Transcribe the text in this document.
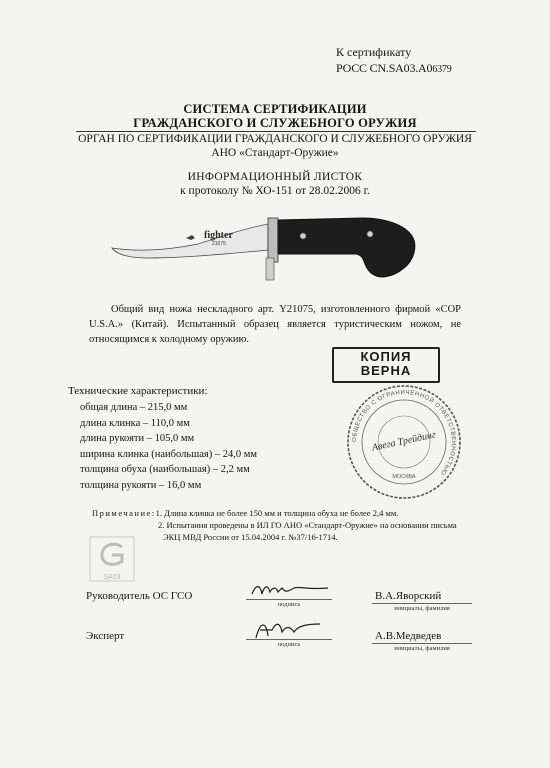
К сертификату
РОСС CN.SA03.A06379
СИСТЕМА СЕРТИФИКАЦИИ
ГРАЖДАНСКОГО И СЛУЖЕБНОГО ОРУЖИЯ
ОРГАН ПО СЕРТИФИКАЦИИ ГРАЖДАНСКОГО И СЛУЖЕБНОГО ОРУЖИЯ
АНО «Стандарт-Оружие»
ИНФОРМАЦИОННЫЙ ЛИСТОК
к протоколу № ХО-151 от 28.02.2006 г.
fighter
21075
Общий вид ножа нескладного арт. Y21075, изготовленного фирмой «COP U.S.A.» (Китай). Испытанный образец является туристическим ножом, не относящимся к холодному оружию.
КОПИЯ
ВЕРНА
ОБЩЕСТВО С ОГРАНИЧЕННОЙ ОТВЕТСТВЕННОСТЬЮ
Авега Трейдинг
МОСКВА
Технические характеристики:
общая длина – 215,0 мм
длина клинка – 110,0 мм
длина рукояти – 105,0 мм
ширина клинка (наибольшая) – 24,0 мм
толщина обуха (наибольшая) – 2,2 мм
толщина рукояти – 16,0 мм
Примечание:1. Длина клинка не более 150 мм и толщина обуха не более 2,4 мм.
2. Испытания проведены в ИЛ ГО АНО «Стандарт-Оружие» на основании письма
ЭКЦ МВД России от 15.04.2004 г. №37/16-1714.
SA03
Руководитель ОС ГСО
подпись
В.А.Яворский
инициалы, фамилия
Эксперт
подпись
А.В.Медведев
инициалы, фамилия
